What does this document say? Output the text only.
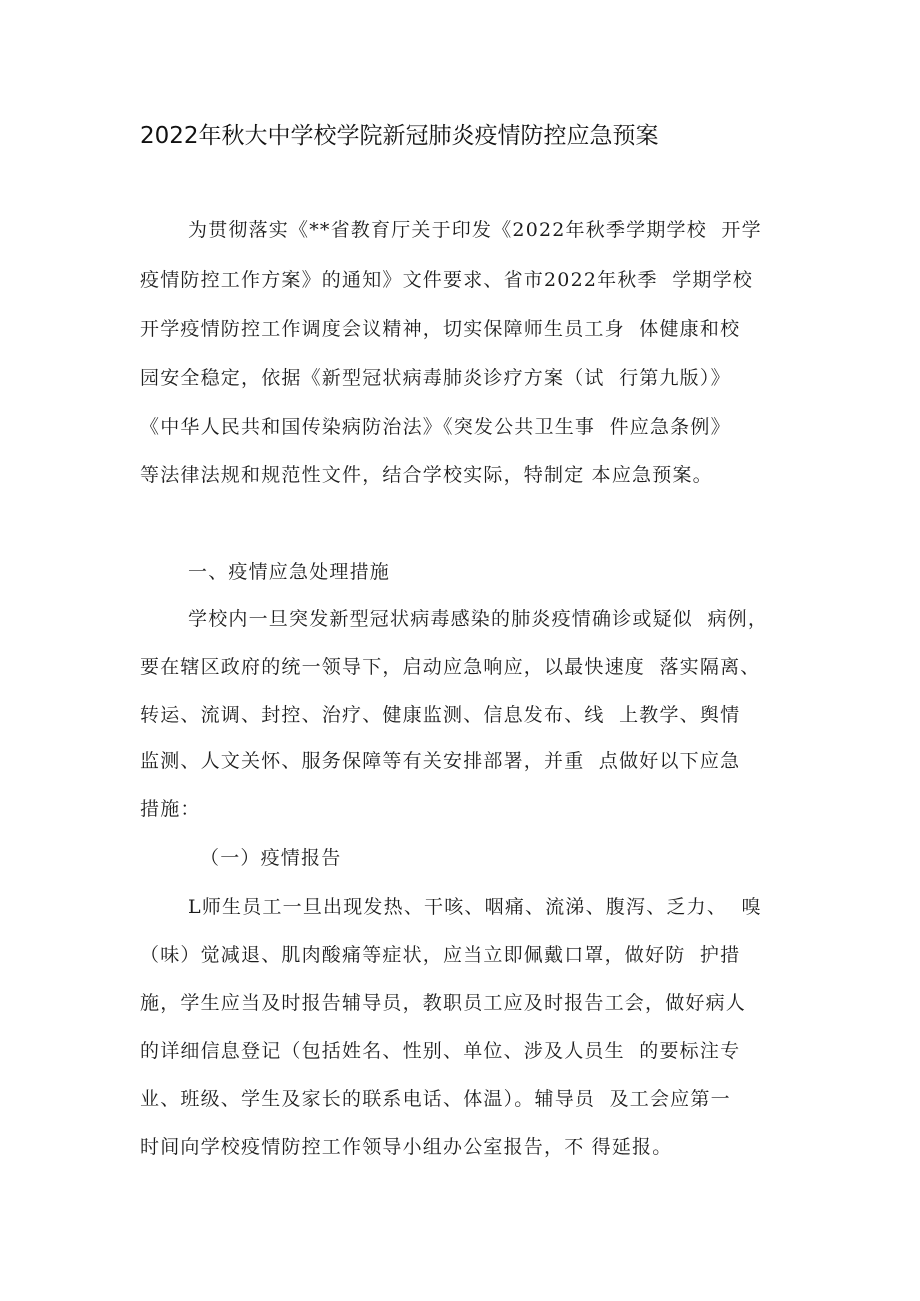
2022年秋大中学校学院新冠肺炎疫情防控应急预案
为贯彻落实《**省教育厅关于印发《2022年秋季学期学校  开学
疫情防控工作方案》的通知》文件要求、省市2022年秋季  学期学校
开学疫情防控工作调度会议精神，切实保障师生员工身  体健康和校
园安全稳定，依据《新型冠状病毒肺炎诊疗方案（试  行第九版）》
《中华人民共和国传染病防治法》《突发公共卫生事  件应急条例》
等法律法规和规范性文件，结合学校实际，特制定 本应急预案。
一、疫情应急处理措施
学校内一旦突发新型冠状病毒感染的肺炎疫情确诊或疑似  病例，
要在辖区政府的统一领导下，启动应急响应，以最快速度  落实隔离、
转运、流调、封控、治疗、健康监测、信息发布、线  上教学、舆情
监测、人文关怀、服务保障等有关安排部署，并重  点做好以下应急
措施：
（一）疫情报告
L师生员工一旦出现发热、干咳、咽痛、流涕、腹泻、乏力、  嗅
（味）觉减退、肌肉酸痛等症状，应当立即佩戴口罩，做好防  护措
施，学生应当及时报告辅导员，教职员工应及时报告工会，做好病人
的详细信息登记（包括姓名、性别、单位、涉及人员生  的要标注专
业、班级、学生及家长的联系电话、体温）。辅导员  及工会应第一
时间向学校疫情防控工作领导小组办公室报告，不 得延报。
